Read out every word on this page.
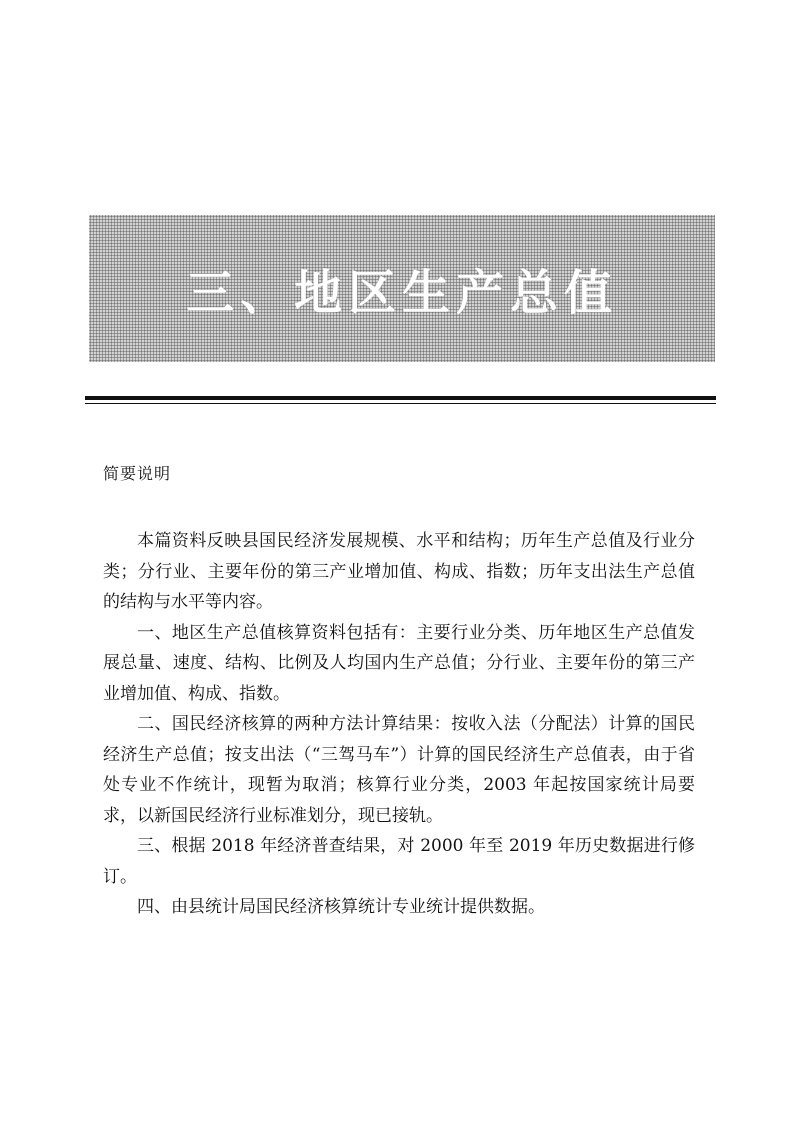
三、地区生产总值
简要说明

本篇资料反映县国民经济发展规模、水平和结构；历年生产总值及行业分类；分行业、主要年份的第三产业增加值、构成、指数；历年支出法生产总值的结构与水平等内容。

一、地区生产总值核算资料包括有：主要行业分类、历年地区生产总值发展总量、速度、结构、比例及人均国内生产总值；分行业、主要年份的第三产业增加值、构成、指数。

二、国民经济核算的两种方法计算结果：按收入法（分配法）计算的国民经济生产总值；按支出法（“三驾马车”）计算的国民经济生产总值表，由于省处专业不作统计，现暂为取消；核算行业分类，2003 年起按国家统计局要求，以新国民经济行业标准划分，现已接轨。

三、根据 2018 年经济普查结果，对 2000 年至 2019 年历史数据进行修订。

四、由县统计局国民经济核算统计专业统计提供数据。
